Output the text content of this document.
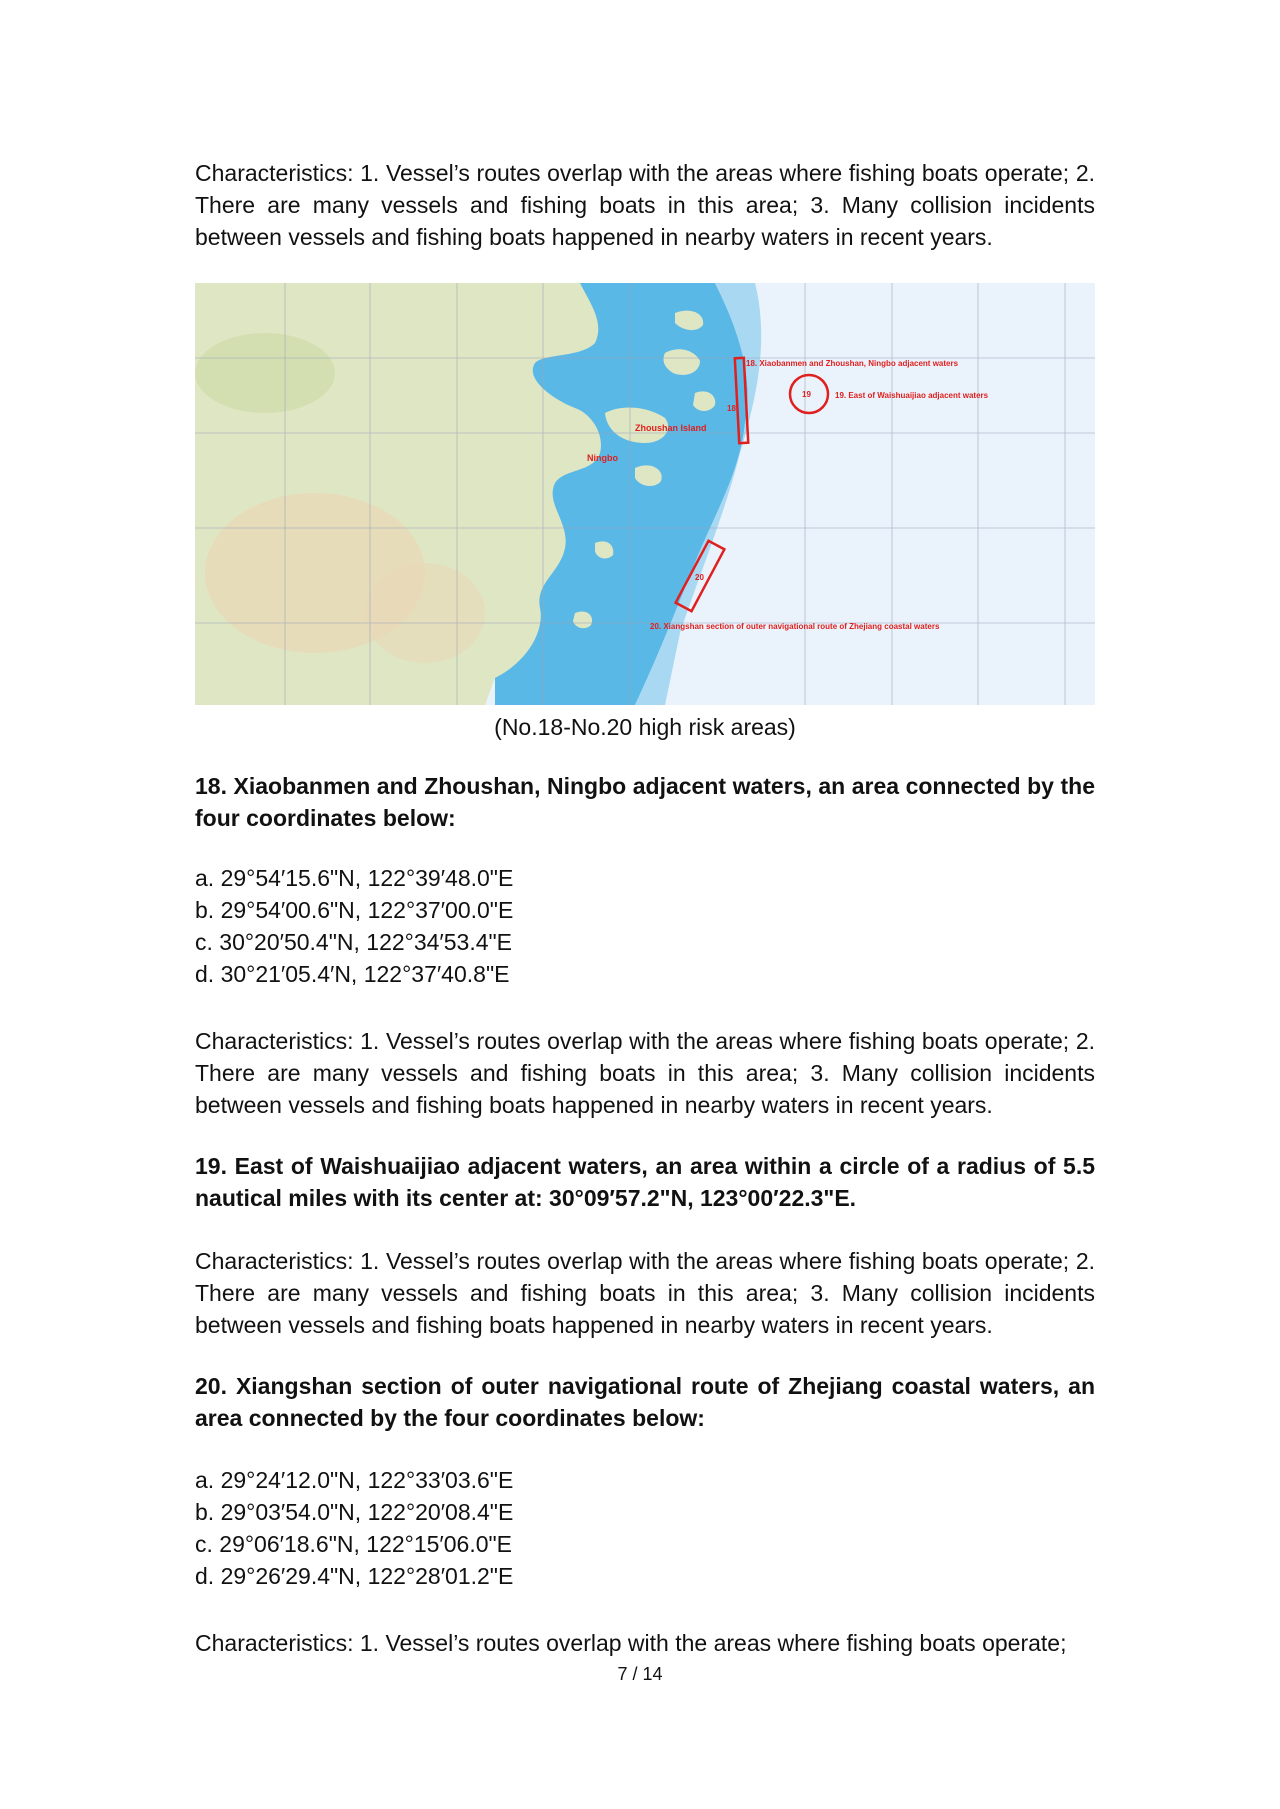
Characteristics: 1. Vessel’s routes overlap with the areas where fishing boats operate; 2. There are many vessels and fishing boats in this area; 3. Many collision incidents between vessels and fishing boats happened in nearby waters in recent years.

18. Xiaobanmen and Zhoushan, Ningbo adjacent waters
19. East of Waishuaijiao adjacent waters
20. Xiangshan section of outer navigational route of Zhejiang coastal waters
18
19
20
Zhoushan Island
Ningbo

(No.18-No.20 high risk areas)

18. Xiaobanmen and Zhoushan, Ningbo adjacent waters, an area connected by the four coordinates below:

a. 29°54′15.6"N, 122°39′48.0"E

b. 29°54′00.6"N, 122°37′00.0"E

c. 30°20′50.4"N, 122°34′53.4"E

d. 30°21′05.4′N, 122°37′40.8"E

Characteristics: 1. Vessel’s routes overlap with the areas where fishing boats operate; 2. There are many vessels and fishing boats in this area; 3. Many collision incidents between vessels and fishing boats happened in nearby waters in recent years.

19. East of Waishuaijiao adjacent waters, an area within a circle of a radius of 5.5 nautical miles with its center at: 30°09′57.2"N, 123°00′22.3"E.

Characteristics: 1. Vessel’s routes overlap with the areas where fishing boats operate; 2. There are many vessels and fishing boats in this area; 3. Many collision incidents between vessels and fishing boats happened in nearby waters in recent years.

20. Xiangshan section of outer navigational route of Zhejiang coastal waters, an area connected by the four coordinates below:

a. 29°24′12.0"N, 122°33′03.6"E

b. 29°03′54.0"N, 122°20′08.4"E

c. 29°06′18.6"N, 122°15′06.0"E

d. 29°26′29.4"N, 122°28′01.2"E

Characteristics: 1. Vessel’s routes overlap with the areas where fishing boats operate;

7 / 14
